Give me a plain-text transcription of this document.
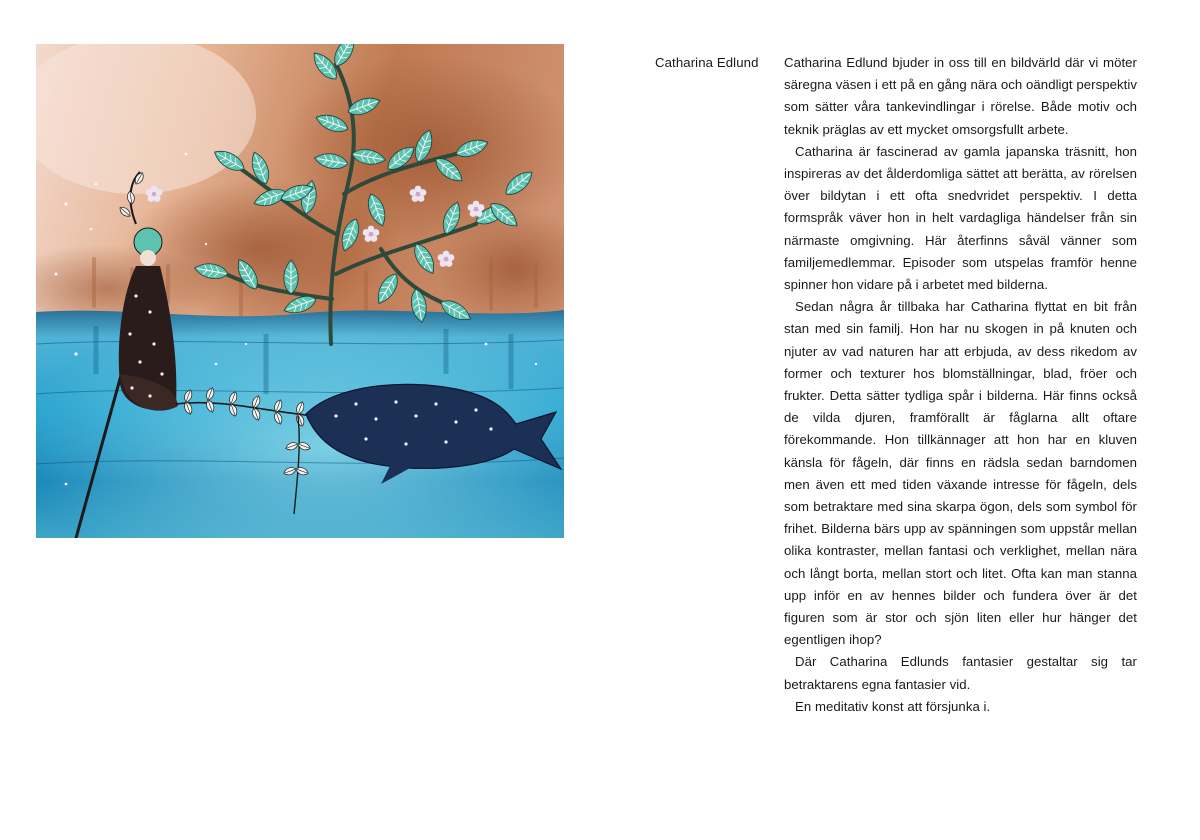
Catharina Edlund Catharina Edlund bjuder in oss till en bildvärld där vi möter säregna väsen i ett på en gång nära och oändligt perspektiv som sätter våra tankevindlingar i rörelse. Både motiv och teknik präglas av ett mycket omsorgsfullt arbete.

Catharina är fascinerad av gamla japanska träsnitt, hon inspireras av det ålderdomliga sättet att berätta, av rörelsen över bildytan i ett ofta snedvridet perspektiv. I detta formspråk väver hon in helt vardagliga händelser från sin närmaste omgivning. Här återfinns såväl vänner som familjemedlemmar. Episoder som utspelas framför henne spinner hon vidare på i arbetet med bilderna.

Sedan några år tillbaka har Catharina flyttat en bit från stan med sin familj. Hon har nu skogen in på knuten och njuter av vad naturen har att erbjuda, av dess rikedom av former och texturer hos blomställningar, blad, fröer och frukter. Detta sätter tydliga spår i bilderna. Här finns också de vilda djuren, framförallt är fåglarna allt oftare förekommande. Hon tillkännager att hon har en kluven känsla för fågeln, där finns en rädsla sedan barndomen men även ett med tiden växande intresse för fågeln, dels som betraktare med sina skarpa ögon, dels som symbol för frihet. Bilderna bärs upp av spänningen som uppstår mellan olika kontraster, mellan fantasi och verklighet, mellan nära och långt borta, mellan stort och litet. Ofta kan man stanna upp inför en av hennes bilder och fundera över är det figuren som är stor och sjön liten eller hur hänger det egentligen ihop?

Där Catharina Edlunds fantasier gestaltar sig tar betraktarens egna fantasier vid.

En meditativ konst att försjunka i.
